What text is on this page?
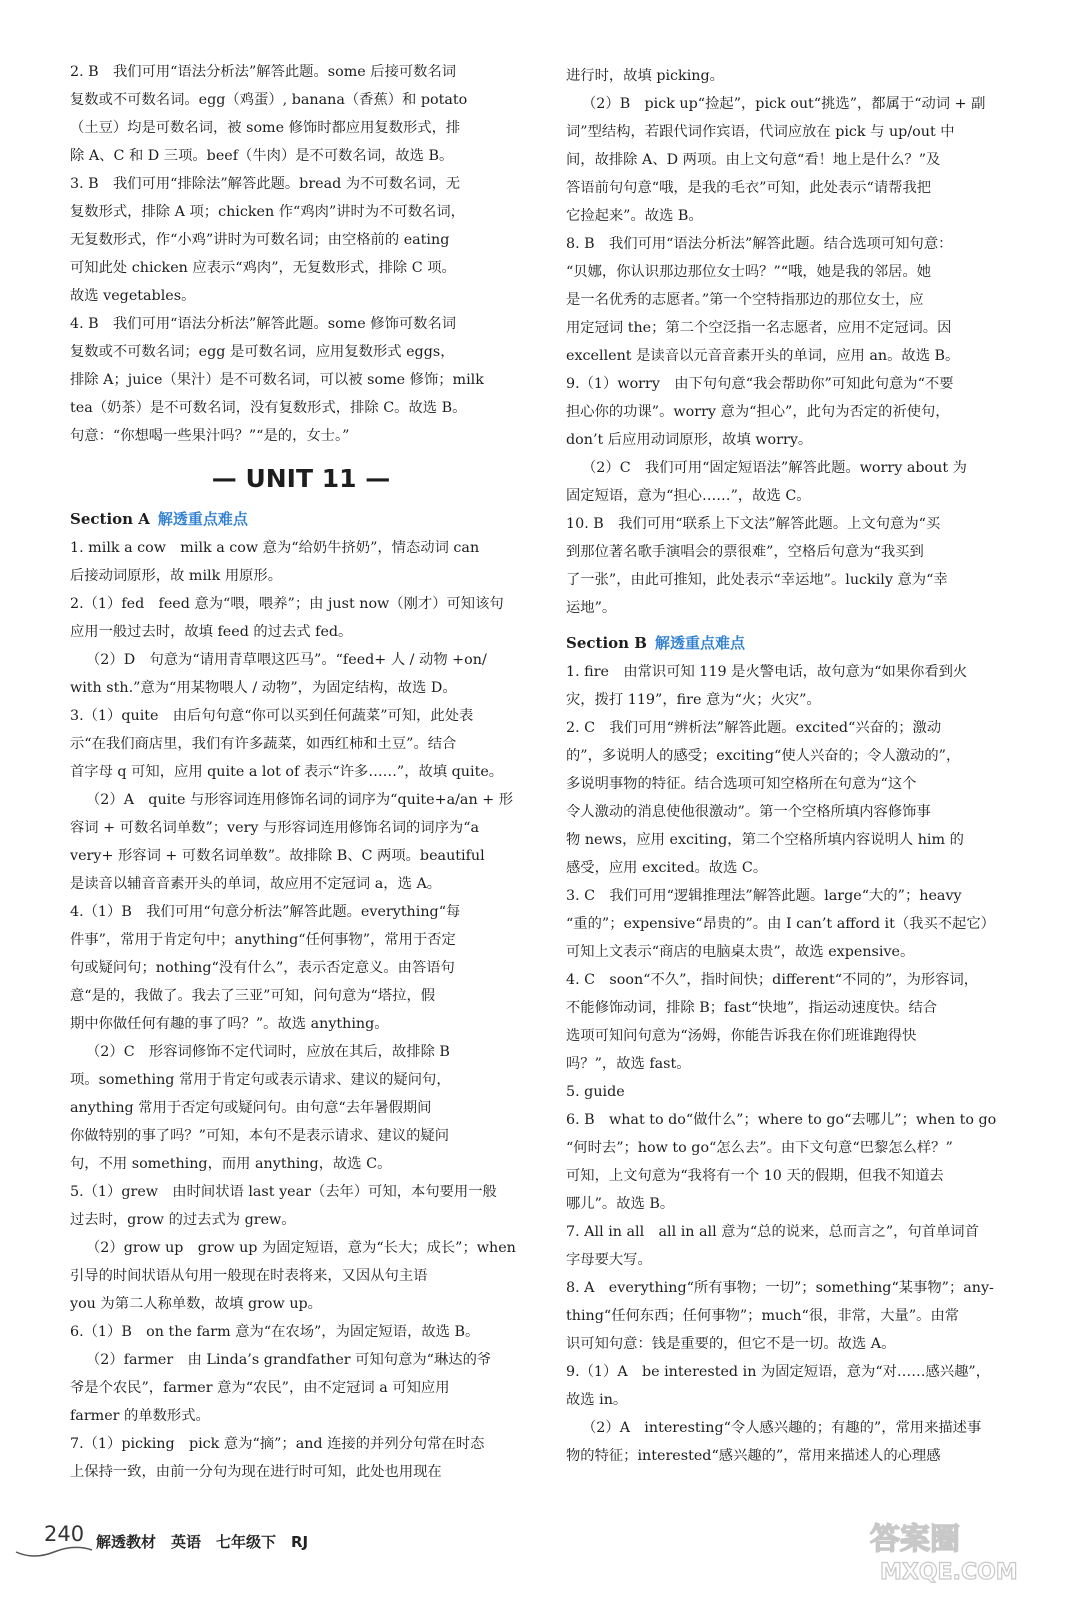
2. B　我们可用“语法分析法”解答此题。some 后接可数名词

复数或不可数名词。egg（鸡蛋）, banana（香蕉）和 potato

（土豆）均是可数名词，被 some 修饰时都应用复数形式，排

除 A、C 和 D 三项。beef（牛肉）是不可数名词，故选 B。

3. B　我们可用“排除法”解答此题。bread 为不可数名词，无

复数形式，排除 A 项；chicken 作“鸡肉”讲时为不可数名词，

无复数形式，作“小鸡”讲时为可数名词；由空格前的 eating

可知此处 chicken 应表示“鸡肉”，无复数形式，排除 C 项。

故选 vegetables。

4. B　我们可用“语法分析法”解答此题。some 修饰可数名词

复数或不可数名词；egg 是可数名词，应用复数形式 eggs，

排除 A；juice（果汁）是不可数名词，可以被 some 修饰；milk

tea（奶茶）是不可数名词，没有复数形式，排除 C。故选 B。

句意：“你想喝一些果汁吗？”“是的，女士。”

— UNIT 11 —

Section A 解透重点难点

1. milk a cow　milk a cow 意为“给奶牛挤奶”，情态动词 can

后接动词原形，故 milk 用原形。

2.（1）fed　feed 意为“喂，喂养”；由 just now（刚才）可知该句

应用一般过去时，故填 feed 的过去式 fed。

（2）D　句意为“请用青草喂这匹马”。“feed+ 人 / 动物 +on/

with sth.”意为“用某物喂人 / 动物”，为固定结构，故选 D。

3.（1）quite　由后句句意“你可以买到任何蔬菜”可知，此处表

示“在我们商店里，我们有许多蔬菜，如西红柿和土豆”。结合

首字母 q 可知，应用 quite a lot of 表示“许多……”，故填 quite。

（2）A　quite 与形容词连用修饰名词的词序为“quite+a/an + 形

容词 + 可数名词单数”；very 与形容词连用修饰名词的词序为“a

very+ 形容词 + 可数名词单数”。故排除 B、C 两项。beautiful

是读音以辅音音素开头的单词，故应用不定冠词 a，选 A。

4.（1）B　我们可用“句意分析法”解答此题。everything“每

件事”，常用于肯定句中；anything“任何事物”，常用于否定

句或疑问句；nothing“没有什么”，表示否定意义。由答语句

意“是的，我做了。我去了三亚”可知，问句意为“塔拉，假

期中你做任何有趣的事了吗？”。故选 anything。

（2）C　形容词修饰不定代词时，应放在其后，故排除 B

项。something 常用于肯定句或表示请求、建议的疑问句，

anything 常用于否定句或疑问句。由句意“去年暑假期间

你做特别的事了吗？”可知，本句不是表示请求、建议的疑问

句，不用 something，而用 anything，故选 C。

5.（1）grew　由时间状语 last year（去年）可知，本句要用一般

过去时，grow 的过去式为 grew。

（2）grow up　grow up 为固定短语，意为“长大；成长”；when

引导的时间状语从句用一般现在时表将来，又因从句主语

you 为第二人称单数，故填 grow up。

6.（1）B　on the farm 意为“在农场”，为固定短语，故选 B。

（2）farmer　由 Linda’s grandfather 可知句意为“琳达的爷

爷是个农民”，farmer 意为“农民”，由不定冠词 a 可知应用

farmer 的单数形式。

7.（1）picking　pick 意为“摘”；and 连接的并列分句常在时态

上保持一致，由前一分句为现在进行时可知，此处也用现在

进行时，故填 picking。

（2）B　pick up“捡起”，pick out“挑选”，都属于“动词 + 副

词”型结构，若跟代词作宾语，代词应放在 pick 与 up/out 中

间，故排除 A、D 两项。由上文句意“看！地上是什么？”及

答语前句句意“哦，是我的毛衣”可知，此处表示“请帮我把

它捡起来”。故选 B。

8. B　我们可用“语法分析法”解答此题。结合选项可知句意：

“贝娜，你认识那边那位女士吗？”“哦，她是我的邻居。她

是一名优秀的志愿者。”第一个空特指那边的那位女士，应

用定冠词 the；第二个空泛指一名志愿者，应用不定冠词。因

excellent 是读音以元音音素开头的单词，应用 an。故选 B。

9.（1）worry　由下句句意“我会帮助你”可知此句意为“不要

担心你的功课”。worry 意为“担心”，此句为否定的祈使句，

don’t 后应用动词原形，故填 worry。

（2）C　我们可用“固定短语法”解答此题。worry about 为

固定短语，意为“担心……”，故选 C。

10. B　我们可用“联系上下文法”解答此题。上文句意为“买

到那位著名歌手演唱会的票很难”，空格后句意为“我买到

了一张”，由此可推知，此处表示“幸运地”。luckily 意为“幸

运地”。

Section B 解透重点难点

1. fire　由常识可知 119 是火警电话，故句意为“如果你看到火

灾，拨打 119”，fire 意为“火；火灾”。

2. C　我们可用“辨析法”解答此题。excited“兴奋的；激动

的”，多说明人的感受；exciting“使人兴奋的；令人激动的”，

多说明事物的特征。结合选项可知空格所在句意为“这个

令人激动的消息使他很激动”。第一个空格所填内容修饰事

物 news，应用 exciting，第二个空格所填内容说明人 him 的

感受，应用 excited。故选 C。

3. C　我们可用“逻辑推理法”解答此题。large“大的”；heavy

“重的”；expensive“昂贵的”。由 I can’t afford it（我买不起它）

可知上文表示“商店的电脑桌太贵”，故选 expensive。

4. C　soon“不久”，指时间快；different“不同的”，为形容词，

不能修饰动词，排除 B；fast“快地”，指运动速度快。结合

选项可知问句意为“汤姆，你能告诉我在你们班谁跑得快

吗？”，故选 fast。

5. guide

6. B　what to do“做什么”；where to go“去哪儿”；when to go

“何时去”；how to go“怎么去”。由下文句意“巴黎怎么样？”

可知，上文句意为“我将有一个 10 天的假期，但我不知道去

哪儿”。故选 B。

7. All in all　all in all 意为“总的说来，总而言之”，句首单词首

字母要大写。

8. A　everything“所有事物；一切”；something“某事物”；any-

thing“任何东西；任何事物”；much“很，非常，大量”。由常

识可知句意：钱是重要的，但它不是一切。故选 A。

9.（1）A　be interested in 为固定短语，意为“对……感兴趣”，

故选 in。

（2）A　interesting“令人感兴趣的；有趣的”，常用来描述事

物的特征；interested“感兴趣的”，常用来描述人的心理感

240 解透教材　英语　七年级下　RJ	答案圈
MXQE.COM
